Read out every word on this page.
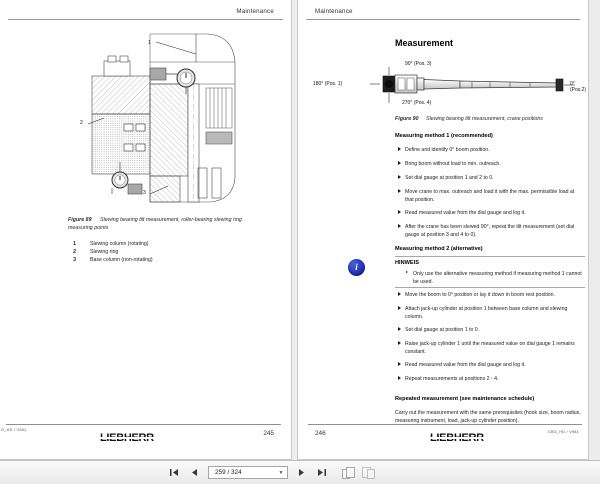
Maintenance
1
2
3
Figure 89 Slewing bearing tilt measurement, roller-bearing slewing ring measuring points
1	Slewing column (rotating)
2	Slewing ring
3	Base column (non-rotating)
G_HD / V981
245
Maintenance
Measurement
90° (Pos. 3)
180° (Pos. 1)	0° (Pos.2)
270° (Pos. 4)
Figure 90 Slewing bearing tilt measurement, crane positions
Measuring method 1 (recommended)
Define and identify 0° boom position.
Bring boom without load to min. outreach.
Set dial gauge at position 1 and 2 to 0.
Move crane to max. outreach and load it with the max. permissible load at that position.
Read measured value from the dial gauge and log it.
After the crane has been slewed 90°, repeat the tilt measurement (set dial gauge at position 3 and 4 to 0).
Measuring method 2 (alternative)
HINWEIS
Only use the alternative measuring method if measuring method 1 cannot be used.
Move the boom to 0° position or lay it down in boom rest position.
Attach jack-up cylinder at position 1 between base column and slewing column.
Set dial gauge at position 1 to 0.
Raise jack-up cylinder 1 until the measured value on dial gauge 1 remains constant.
Read measured value from the dial gauge and log it.
Repeat measurements at positions 2 - 4.
Repeated measurement (see maintenance schedule)
Carry out the measurement with the same prerequisites (hook size, boom radius, measuring instrument, load, jack-up cylinder position).
246	CBG_HD / V981
i
259 / 324	▼
